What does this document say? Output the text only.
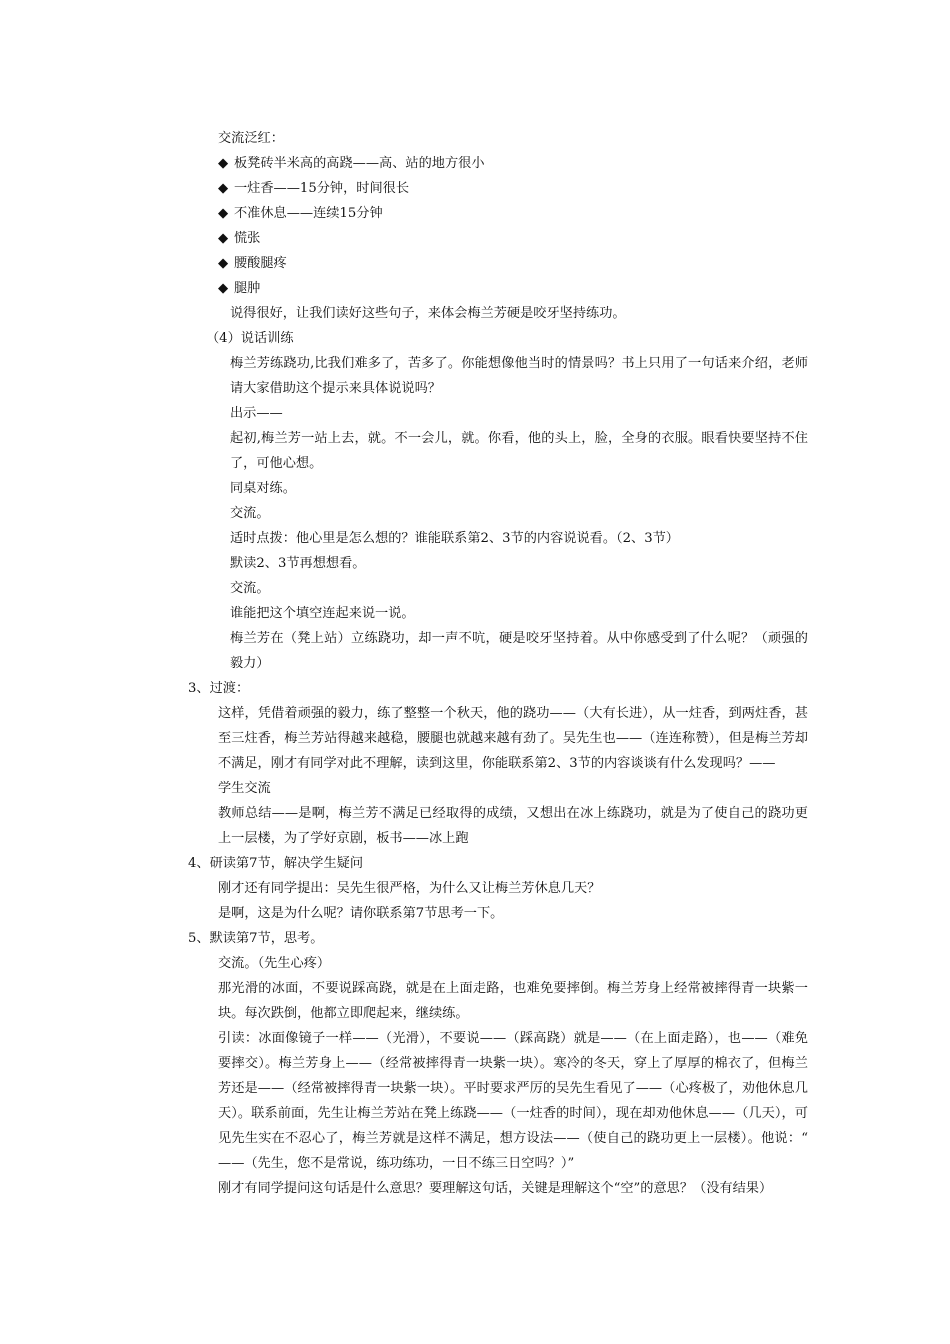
交流泛红：
◆ 板凳砖半米高的高跷——高、站的地方很小
◆ 一炷香——15分钟，时间很长
◆ 不准休息——连续15分钟
◆ 慌张
◆ 腰酸腿疼
◆ 腿肿
说得很好，让我们读好这些句子，来体会梅兰芳硬是咬牙坚持练功。
（4）说话训练
梅兰芳练跷功,比我们难多了，苦多了。你能想像他当时的情景吗？书上只用了一句话来介绍，老师请大家借助这个提示来具体说说吗？
出示——
起初,梅兰芳一站上去，就。不一会儿，就。你看，他的头上，脸，全身的衣服。眼看快要坚持不住了，可他心想。
同桌对练。
交流。
适时点拨：他心里是怎么想的？谁能联系第2、3节的内容说说看。（2、3节）
默读2、3节再想想看。
交流。
谁能把这个填空连起来说一说。
梅兰芳在（凳上站）立练跷功，却一声不吭，硬是咬牙坚持着。从中你感受到了什么呢？（顽强的毅力）
3、过渡：
这样，凭借着顽强的毅力，练了整整一个秋天，他的跷功——（大有长进），从一炷香，到两炷香，甚至三炷香，梅兰芳站得越来越稳，腰腿也就越来越有劲了。吴先生也——（连连称赞），但是梅兰芳却不满足，刚才有同学对此不理解，读到这里，你能联系第2、3节的内容谈谈有什么发现吗？——
学生交流
教师总结——是啊，梅兰芳不满足已经取得的成绩，又想出在冰上练跷功，就是为了使自己的跷功更上一层楼，为了学好京剧，板书——冰上跑
4、研读第7节，解决学生疑问
刚才还有同学提出：吴先生很严格，为什么又让梅兰芳休息几天？
是啊，这是为什么呢？请你联系第7节思考一下。
5、默读第7节，思考。
交流。（先生心疼）
那光滑的冰面，不要说踩高跷，就是在上面走路，也难免要摔倒。梅兰芳身上经常被摔得青一块紫一块。每次跌倒，他都立即爬起来，继续练。
引读：冰面像镜子一样——（光滑），不要说——（踩高跷）就是——（在上面走路），也——（难免要摔交）。梅兰芳身上——（经常被摔得青一块紫一块）。寒冷的冬天，穿上了厚厚的棉衣了，但梅兰芳还是——（经常被摔得青一块紫一块）。平时要求严厉的吴先生看见了——（心疼极了，劝他休息几天）。联系前面，先生让梅兰芳站在凳上练跷——（一炷香的时间），现在却劝他休息——（几天），可见先生实在不忍心了，梅兰芳就是这样不满足，想方设法——（使自己的跷功更上一层楼）。他说：“——（先生，您不是常说，练功练功，一日不练三日空吗？）”
刚才有同学提问这句话是什么意思？要理解这句话，关键是理解这个“空”的意思？（没有结果）
